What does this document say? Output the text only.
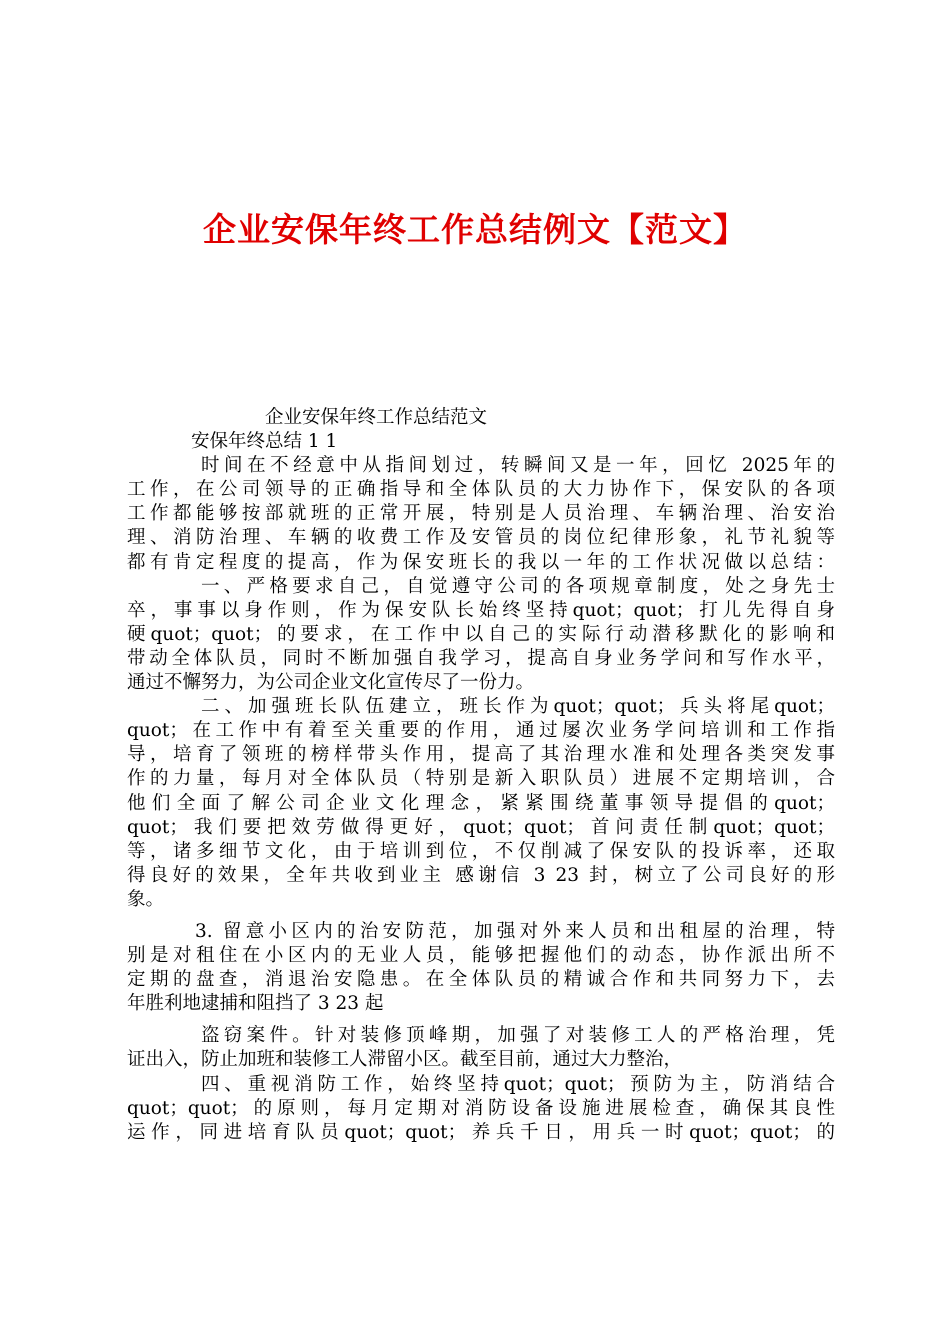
企业安保年终工作总结例文【范文】
企业安保年终工作总结范文
安保年终总结 1 1
时间在不经意中从指间划过，转瞬间又是一年，回忆 2025年的
工作，在公司领导的正确指导和全体队员的大力协作下，保安队的各项
工作都能够按部就班的正常开展，特别是人员治理、车辆治理、治安治
理、消防治理、车辆的收费工作及安管员的岗位纪律形象，礼节礼貌等
都有肯定程度的提高，作为保安班长的我以一年的工作状况做以总结：
一、严格要求自己，自觉遵守公司的各项规章制度，处之身先士
卒，事事以身作则，作为保安队长始终坚持quot；quot；打儿先得自身
硬quot；quot；的要求，在工作中以自己的实际行动潜移默化的影响和
带动全体队员，同时不断加强自我学习，提高自身业务学问和写作水平，
通过不懈努力，为公司企业文化宣传尽了一份力。
二、加强班长队伍建立，班长作为quot；quot；兵头将尾quot；
quot；在工作中有着至关重要的作用，通过屡次业务学问培训和工作指
导，培育了领班的榜样带头作用，提高了其治理水准和处理各类突发事
作的力量，每月对全体队员（特别是新入职队员）进展不定期培训，合
他们全面了解公司企业文化理念，紧紧围绕董事领导提倡的quot；
quot；我们要把效劳做得更好，quot；quot；首问责任制quot；quot；
等，诸多细节文化，由于培训到位，不仅削减了保安队的投诉率，还取
得良好的效果，全年共收到业主 感谢信 3 23 封，树立了公司良好的形
象。
3. 留意小区内的治安防范，加强对外来人员和出租屋的治理，特
别是对租住在小区内的无业人员，能够把握他们的动态，协作派出所不
定期的盘查，消退治安隐患。在全体队员的精诚合作和共同努力下，去
年胜利地逮捕和阻挡了 3 23 起
盗窃案件。针对装修顶峰期，加强了对装修工人的严格治理，凭
证出入，防止加班和装修工人滞留小区。截至目前，通过大力整治，
四、重视消防工作，始终坚持quot；quot；预防为主，防消结合
quot；quot；的原则，每月定期对消防设备设施进展检查，确保其良性
运作，同进培育队员quot；quot；养兵千日，用兵一时quot；quot；的
